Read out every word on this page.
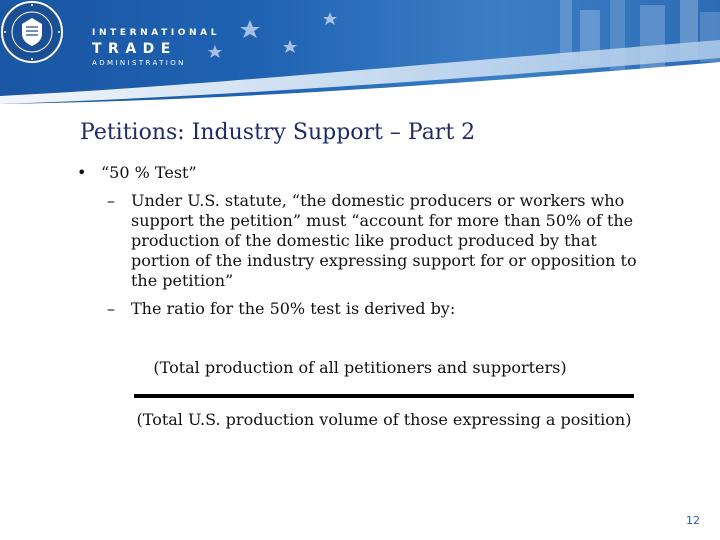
INTERNATIONAL
TRADE
ADMINISTRATION
Petitions: Industry Support – Part 2
• “50 % Test”
– Under U.S. statute, “the domestic producers or workers who support the petition” must “account for more than 50% of the production of the domestic like product produced by that portion of the industry expressing support for or opposition to the petition”

– The ratio for the 50% test is derived by:

(Total production of all petitioners and supporters)
(Total U.S. production volume of those expressing a position)
12
